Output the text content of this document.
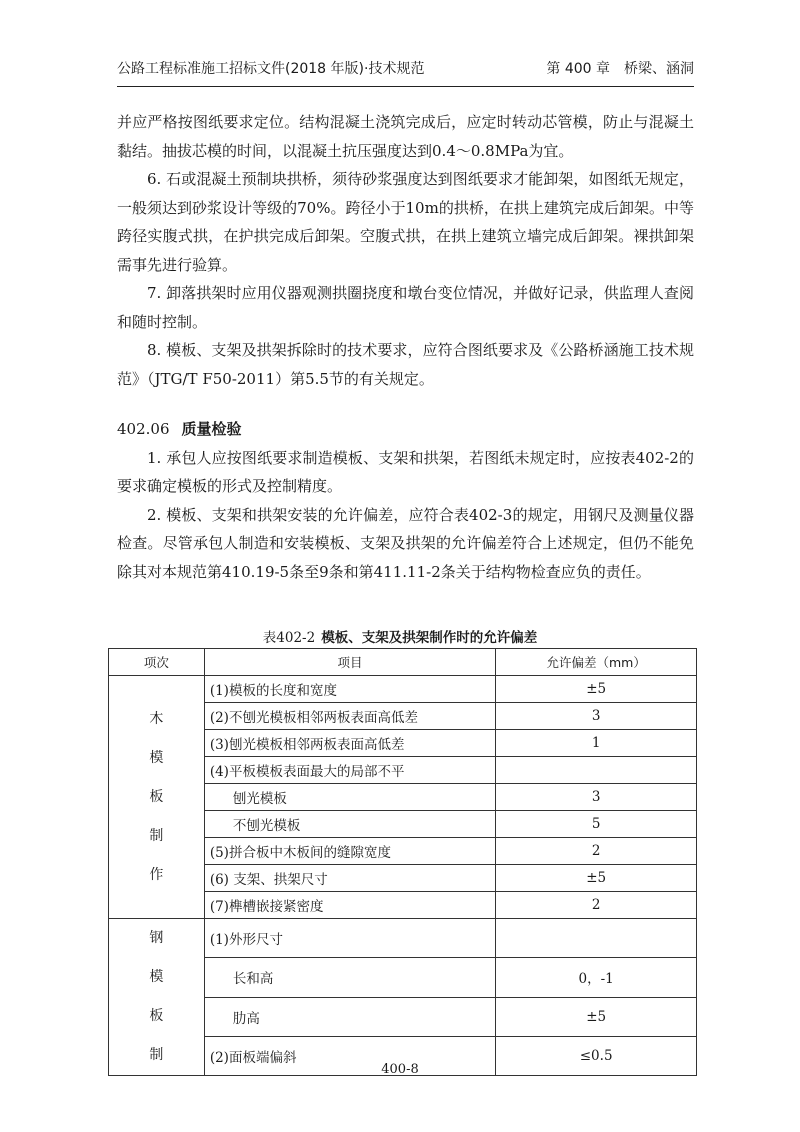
公路工程标准施工招标文件(2018 年版)·技术规范	第 400 章　桥梁、涵洞

并应严格按图纸要求定位。结构混凝土浇筑完成后，应定时转动芯管模，防止与混凝土黏结。抽拔芯模的时间，以混凝土抗压强度达到0.4～0.8MPa为宜。

6. 石或混凝土预制块拱桥，须待砂浆强度达到图纸要求才能卸架，如图纸无规定，一般须达到砂浆设计等级的70%。跨径小于10m的拱桥，在拱上建筑完成后卸架。中等跨径实腹式拱，在护拱完成后卸架。空腹式拱，在拱上建筑立墙完成后卸架。裸拱卸架需事先进行验算。

7. 卸落拱架时应用仪器观测拱圈挠度和墩台变位情况，并做好记录，供监理人查阅和随时控制。

8. 模板、支架及拱架拆除时的技术要求，应符合图纸要求及《公路桥涵施工技术规范》（JTG/T F50-2011）第5.5节的有关规定。

402.06 质量检验

1. 承包人应按图纸要求制造模板、支架和拱架，若图纸未规定时，应按表402-2的要求确定模板的形式及控制精度。

2. 模板、支架和拱架安装的允许偏差，应符合表402-3的规定，用钢尺及测量仪器检查。尽管承包人制造和安装模板、支架及拱架的允许偏差符合上述规定，但仍不能免除其对本规范第410.19-5条至9条和第411.11-2条关于结构物检查应负的责任。

表402-2 模板、支架及拱架制作时的允许偏差
项次	项目	允许偏差（mm）
木模板制作	(1)模板的长度和宽度	±5
	(2)不刨光模板相邻两板表面高低差	3
	(3)刨光模板相邻两板表面高低差	1
	(4)平板模板表面最大的局部不平	
	刨光模板	3
	不刨光模板	5
	(5)拼合板中木板间的缝隙宽度	2
	(6) 支架、拱架尺寸	±5
	(7)榫槽嵌接紧密度	2
钢模板制	(1)外形尺寸	
	长和高	0，-1
	肋高	±5
	(2)面板端偏斜	≤0.5
400-8
